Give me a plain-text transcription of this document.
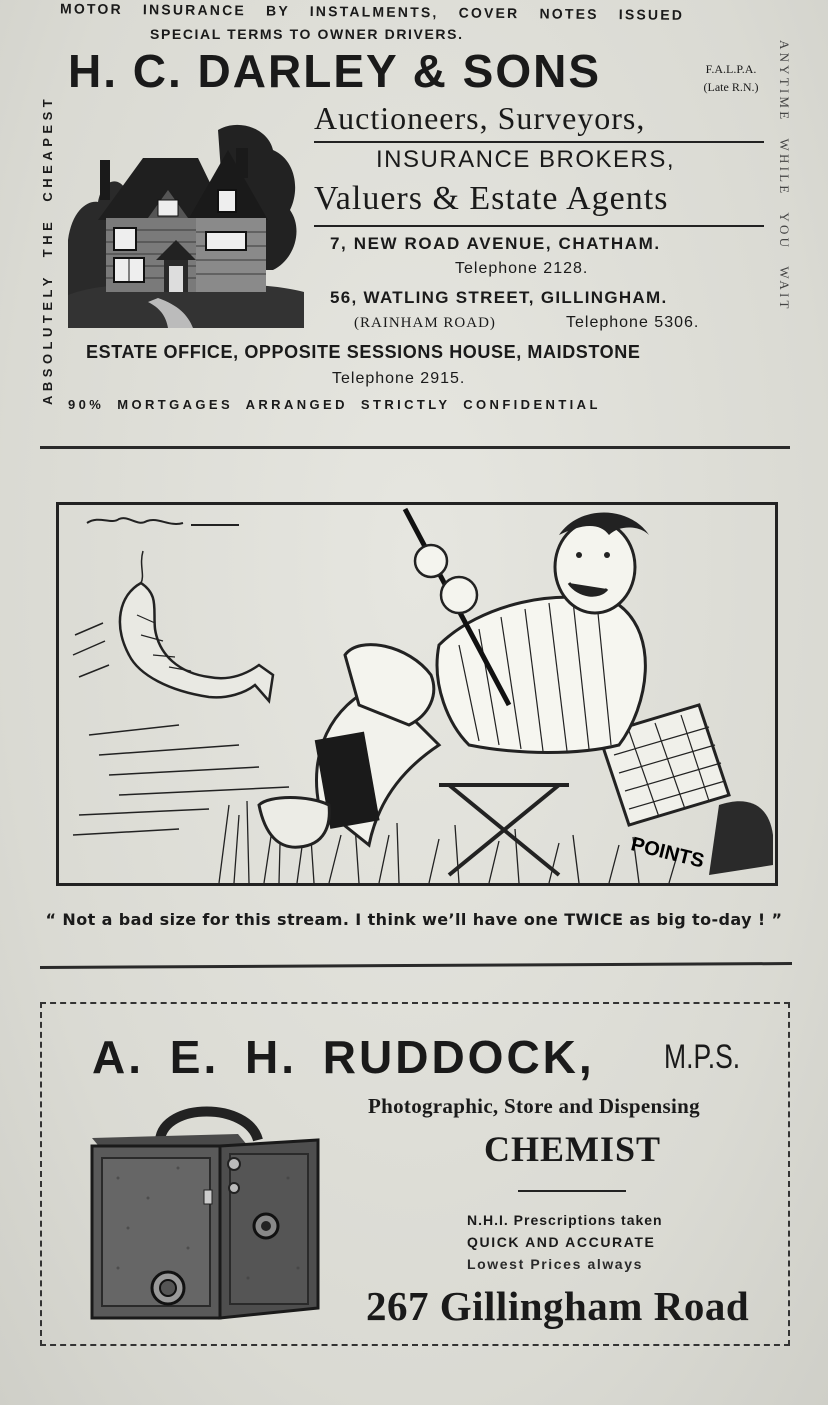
MOTOR INSURANCE BY INSTALMENTS, COVER NOTES ISSUED
SPECIAL TERMS TO OWNER DRIVERS.
ABSOLUTELY THE CHEAPEST	ANYTIME WHILE YOU WAIT
H. C. DARLEY & SONS	F.A.L.P.A.
(Late R.N.)
Auctioneers, Surveyors,
INSURANCE BROKERS,
Valuers & Estate Agents
7, NEW ROAD AVENUE, CHATHAM.
Telephone 2128.
56, WATLING STREET, GILLINGHAM.
(RAINHAM ROAD)	Telephone 5306.
ESTATE OFFICE, OPPOSITE SESSIONS HOUSE, MAIDSTONE
Telephone 2915.
90% MORTGAGES ARRANGED STRICTLY CONFIDENTIAL
POINTS
“ Not a bad size for this stream. I think we’ll have one TWICE as big to-day ! ”
A. E. H. RUDDOCK, M.P.S.
Photographic, Store and Dispensing
CHEMIST
N.H.I. Prescriptions taken
QUICK AND ACCURATE
Lowest Prices always
267 Gillingham Road
